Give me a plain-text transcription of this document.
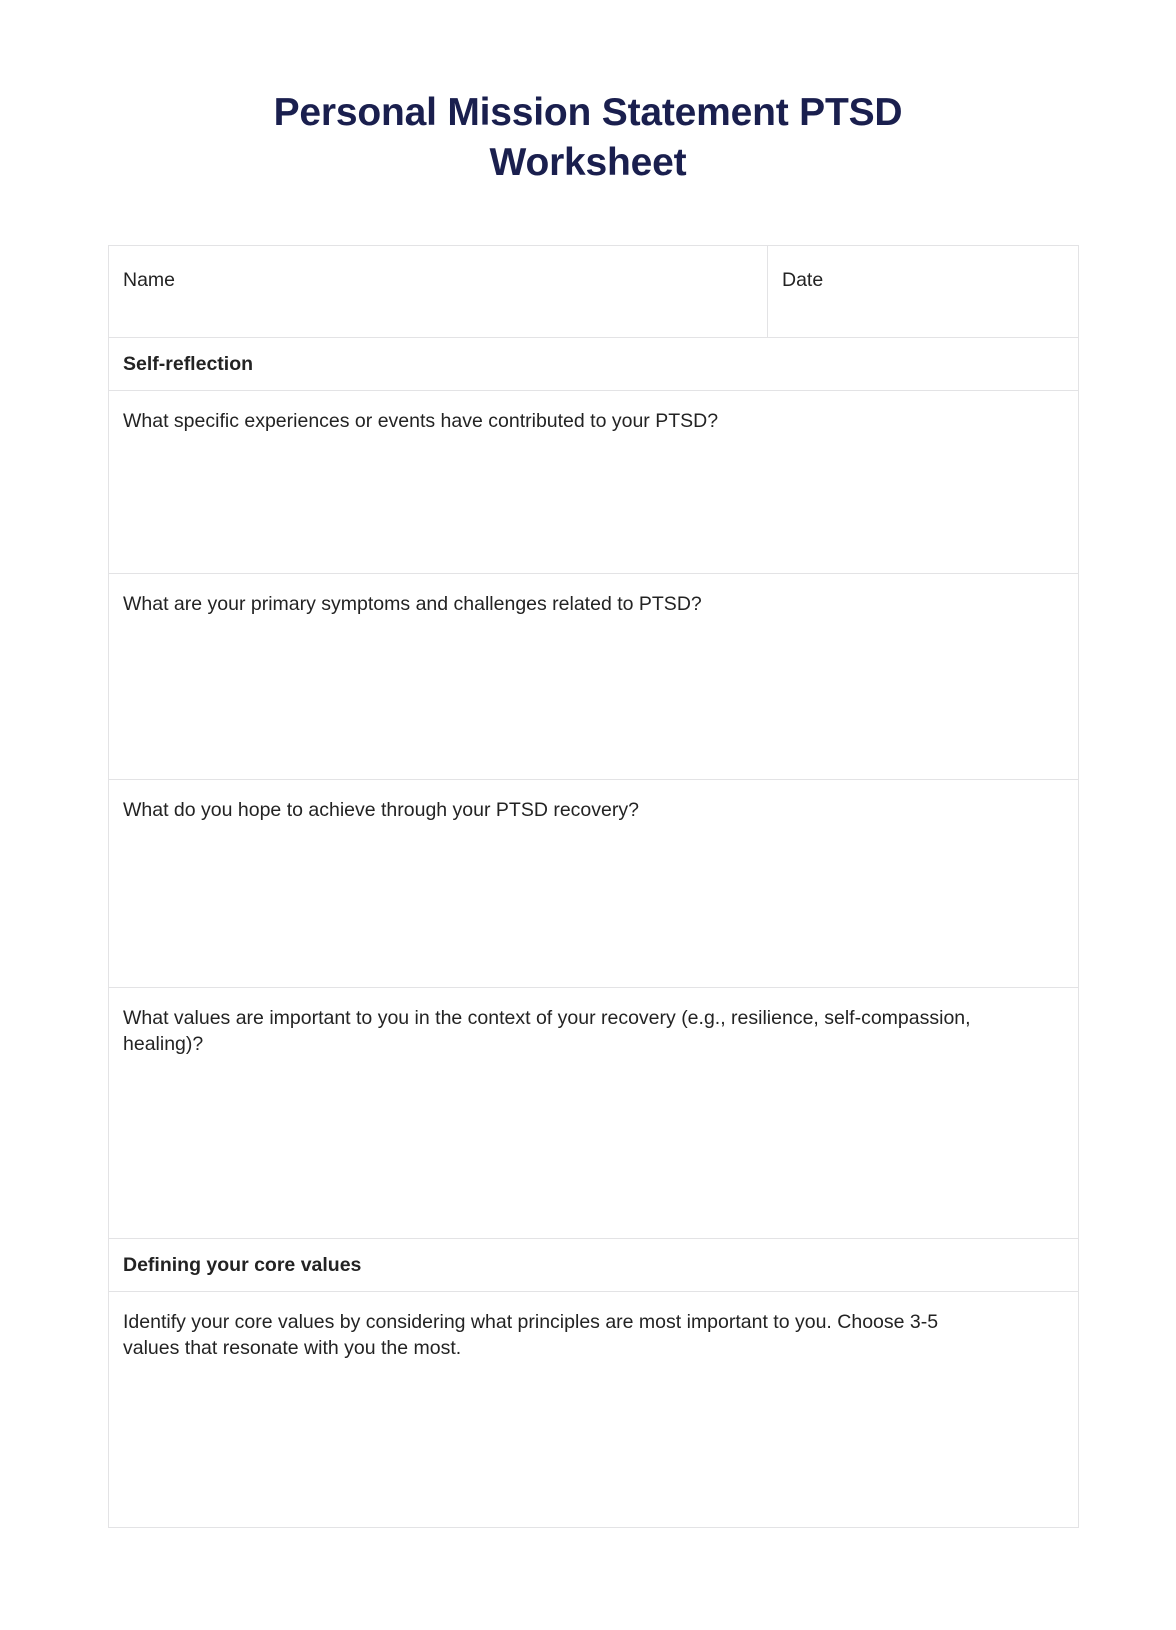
Personal Mission Statement PTSD Worksheet
Name	Date
Self-reflection

What specific experiences or events have contributed to your PTSD?

What are your primary symptoms and challenges related to PTSD?

What do you hope to achieve through your PTSD recovery?

What values are important to you in the context of your recovery (e.g., resilience, self-compassion, healing)?

Defining your core values

Identify your core values by considering what principles are most important to you. Choose 3-5 values that resonate with you the most.
